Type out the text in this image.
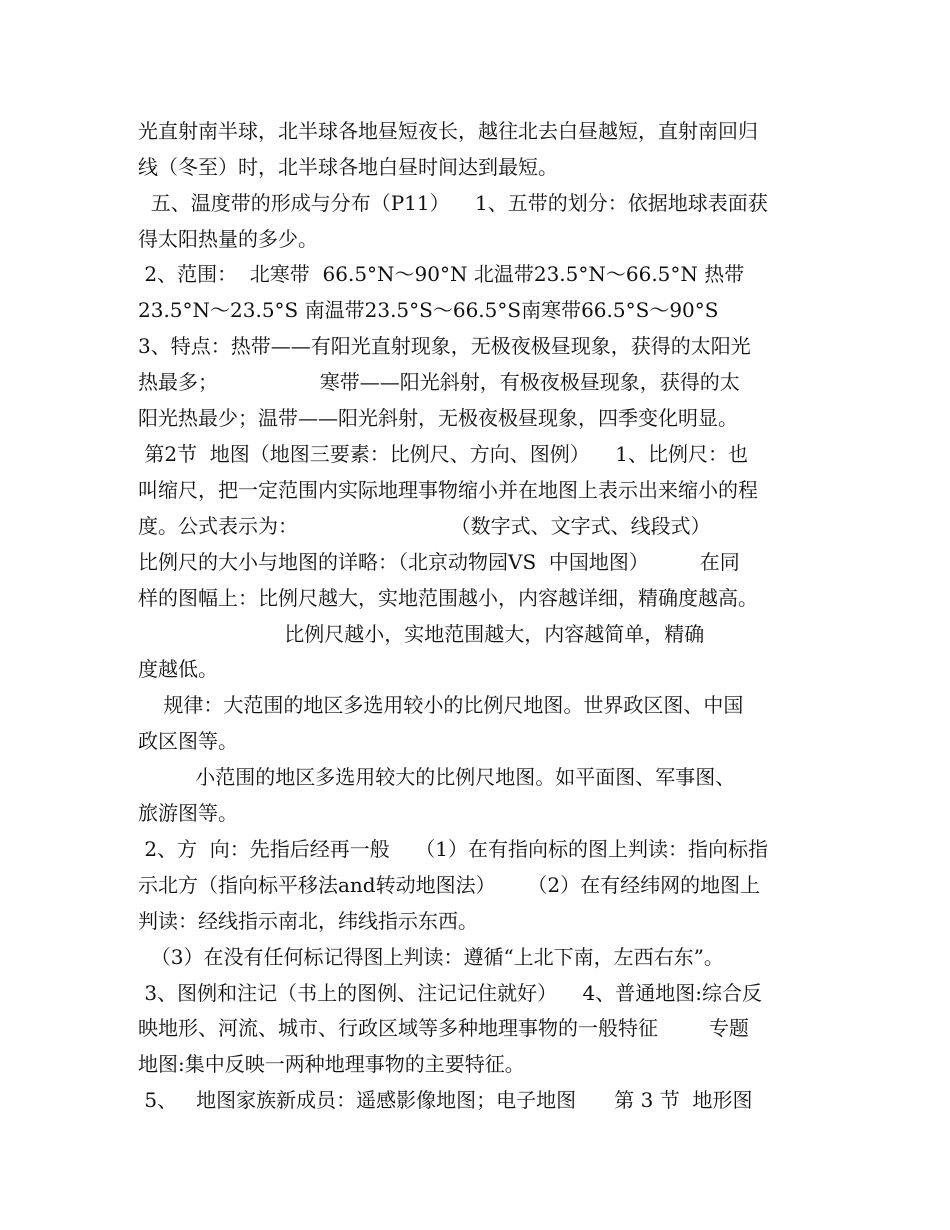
光直射南半球，北半球各地昼短夜长，越往北去白昼越短，直射南回归
线（冬至）时，北半球各地白昼时间达到最短。
五、温度带的形成与分布（P11）    1、五带的划分：依据地球表面获
得太阳热量的多少。
2、范围：  北寒带  66.5°N～90°N 北温带23.5°N～66.5°N 热带
23.5°N～23.5°S 南温带23.5°S～66.5°S南寒带66.5°S～90°S
3、特点：热带——有阳光直射现象，无极夜极昼现象，获得的太阳光
热最多；                寒带——阳光斜射，有极夜极昼现象，获得的太
阳光热最少；温带——阳光斜射，无极夜极昼现象，四季变化明显。
第2节  地图（地图三要素：比例尺、方向、图例）    1、比例尺：也
叫缩尺，把一定范围内实际地理事物缩小并在地图上表示出来缩小的程
度。公式表示为：                        （数字式、文字式、线段式）
比例尺的大小与地图的详略：（北京动物园VS  中国地图）        在同
样的图幅上：比例尺越大，实地范围越小，内容越详细，精确度越高。
比例尺越小，实地范围越大，内容越简单，精确
度越低。
规律：大范围的地区多选用较小的比例尺地图。世界政区图、中国
政区图等。
小范围的地区多选用较大的比例尺地图。如平面图、军事图、
旅游图等。
2、方  向：先指后经再一般    （1）在有指向标的图上判读：指向标指
示北方（指向标平移法and转动地图法）     （2）在有经纬网的地图上
判读：经线指示南北，纬线指示东西。
（3）在没有任何标记得图上判读：遵循“上北下南，左西右东”。
3、图例和注记（书上的图例、注记记住就好）    4、普通地图:综合反
映地形、河流、城市、行政区域等多种地理事物的一般特征        专题
地图:集中反映一两种地理事物的主要特征。
5、   地图家族新成员：遥感影像地图；电子地图      第 3 节  地形图
